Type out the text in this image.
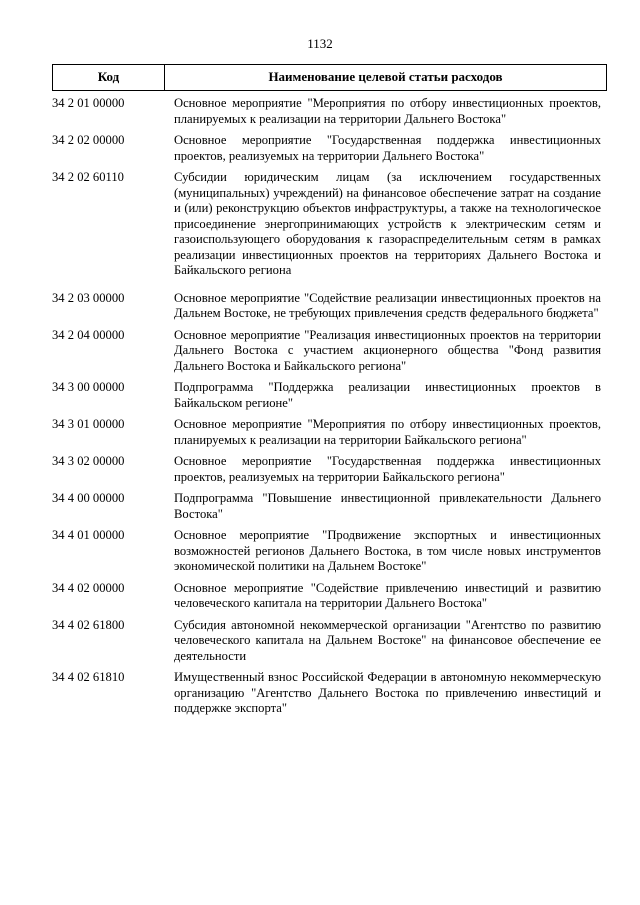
1132
Код	Наименование целевой статьи расходов
34 2 01 00000	Основное мероприятие "Мероприятия по отбору инвестиционных проектов, планируемых к реализации на территории Дальнего Востока"
34 2 02 00000	Основное мероприятие "Государственная поддержка инвестиционных проектов, реализуемых на территории Дальнего Востока"
34 2 02 60110	Субсидии юридическим лицам (за исключением государственных (муниципальных) учреждений) на финансовое обеспечение затрат на создание и (или) реконструкцию объектов инфраструктуры, а также на технологическое присоединение энергопринимающих устройств к электрическим сетям и газоиспользующего оборудования к газораспределительным сетям в рамках реализации инвестиционных проектов на территориях Дальнего Востока и Байкальского региона
34 2 03 00000	Основное мероприятие "Содействие реализации инвестиционных проектов на Дальнем Востоке, не требующих привлечения средств федерального бюджета"
34 2 04 00000	Основное мероприятие "Реализация инвестиционных проектов на территории Дальнего Востока с участием акционерного общества "Фонд развития Дальнего Востока и Байкальского региона"
34 3 00 00000	Подпрограмма "Поддержка реализации инвестиционных проектов в Байкальском регионе"
34 3 01 00000	Основное мероприятие "Мероприятия по отбору инвестиционных проектов, планируемых к реализации на территории Байкальского региона"
34 3 02 00000	Основное мероприятие "Государственная поддержка инвестиционных проектов, реализуемых на территории Байкальского региона"
34 4 00 00000	Подпрограмма "Повышение инвестиционной привлекательности Дальнего Востока"
34 4 01 00000	Основное мероприятие "Продвижение экспортных и инвестиционных возможностей регионов Дальнего Востока, в том числе новых инструментов экономической политики на Дальнем Востоке"
34 4 02 00000	Основное мероприятие "Содействие привлечению инвестиций и развитию человеческого капитала на территории Дальнего Востока"
34 4 02 61800	Субсидия автономной некоммерческой организации "Агентство по развитию человеческого капитала на Дальнем Востоке" на финансовое обеспечение ее деятельности
34 4 02 61810	Имущественный взнос Российской Федерации в автономную некоммерческую организацию "Агентство Дальнего Востока по привлечению инвестиций и поддержке экспорта"
